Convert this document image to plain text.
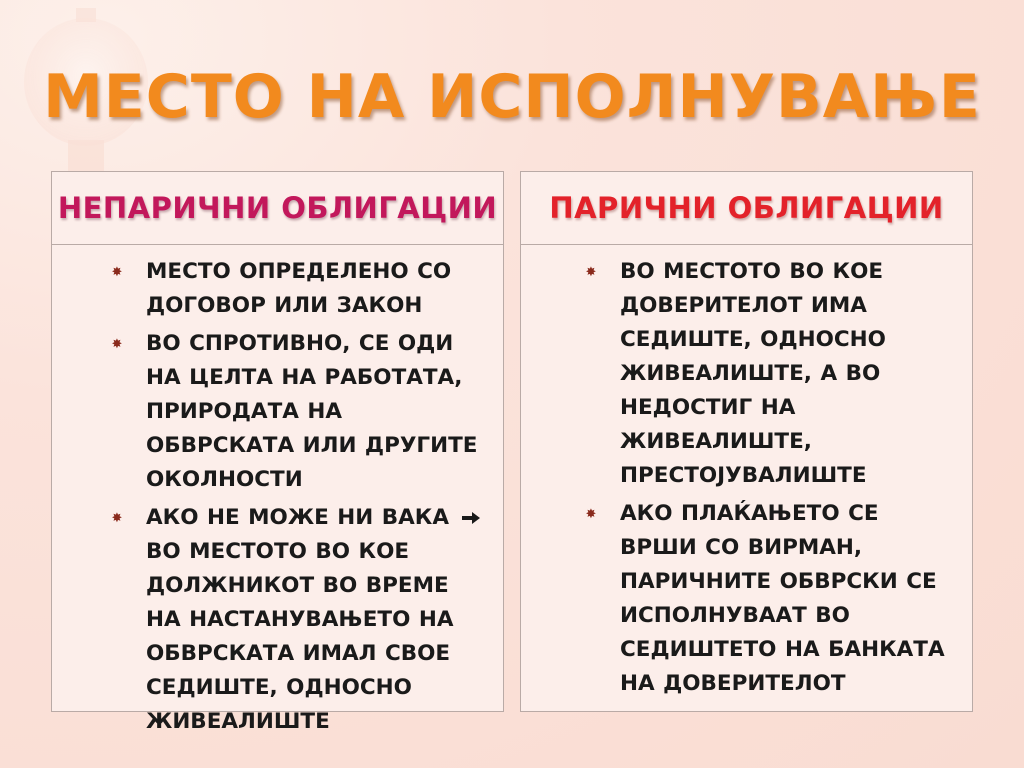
МЕСТО НА ИСПОЛНУВАЊЕ
НЕПАРИЧНИ ОБЛИГАЦИИ
✸ МЕСТО ОПРЕДЕЛЕНО СО ДОГОВОР ИЛИ ЗАКОН
✸ ВО СПРОТИВНО, СЕ ОДИ НА ЦЕЛТА НА РАБОТАТА, ПРИРОДАТА НА ОБВРСКАТА ИЛИ ДРУГИТЕ ОКОЛНОСТИ
✸ АКО НЕ МОЖЕ НИ ВАКА
ВО МЕСТОТО ВО КОЕ ДОЛЖНИКОТ ВО ВРЕМЕ НА НАСТАНУВАЊЕТО НА ОБВРСКАТА ИМАЛ СВОЕ СЕДИШТЕ, ОДНОСНО ЖИВЕАЛИШТЕ
ПАРИЧНИ ОБЛИГАЦИИ
✸ ВО МЕСТОТО ВО КОЕ ДОВЕРИТЕЛОТ ИМА СЕДИШТЕ, ОДНОСНО ЖИВЕАЛИШТЕ, А ВО НЕДОСТИГ НА ЖИВЕАЛИШТЕ, ПРЕСТОЈУВАЛИШТЕ
✸ АКО ПЛАЌАЊЕТО СЕ ВРШИ СО ВИРМАН, ПАРИЧНИТЕ ОБВРСКИ СЕ ИСПОЛНУВААТ ВО СЕДИШТЕТО НА БАНКАТА НА ДОВЕРИТЕЛОТ
